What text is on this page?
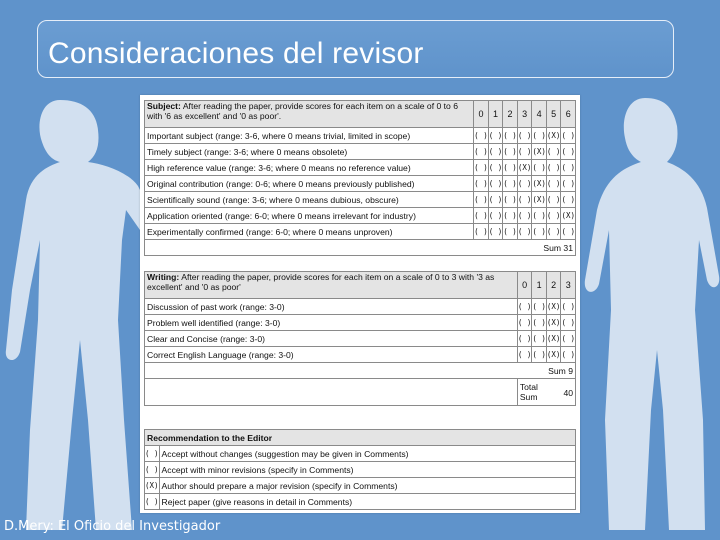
Consideraciones del revisor
Subject: After reading the paper, provide scores for each item on a scale of 0 to 6 with '6 as excellent' and '0 as poor'.	0	1	2	3	4	5	6
Important subject (range: 3-6, where 0 means trivial, limited in scope)	( )	( )	( )	( )	( )	(X)	( )
Timely subject (range: 3-6; where 0 means obsolete)	( )	( )	( )	( )	(X)	( )	( )
High reference value (range: 3-6; where 0 means no reference value)	( )	( )	( )	(X)	( )	( )	( )
Original contribution (range: 0-6; where 0 means previously published)	( )	( )	( )	( )	(X)	( )	( )
Scientifically sound (range: 3-6; where 0 means dubious, obscure)	( )	( )	( )	( )	(X)	( )	( )
Application oriented (range: 6-0; where 0 means irrelevant for industry)	( )	( )	( )	( )	( )	( )	(X)
Experimentally confirmed (range: 6-0; where 0 means unproven)	( )	( )	( )	( )	( )	( )	( )
	Sum 31						
Writing: After reading the paper, provide scores for each item on a scale of 0 to 3 with '3 as excellent' and '0 as poor'	0	1	2	3
Discussion of past work (range: 3-0)	( )	( )	(X)	( )
Problem well identified (range: 3-0)	( )	( )	(X)	( )
Clear and Concise (range: 3-0)	( )	( )	(X)	( )
Correct English Language (range: 3-0)	( )	( )	(X)	( )
	Sum 9			
	Total Sum 40			
Recommendation to the Editor	
( )	Accept without changes (suggestion may be given in Comments)
( )	Accept with minor revisions (specify in Comments)
(X)	Author should prepare a major revision (specify in Comments)
( )	Reject paper (give reasons in detail in Comments)
D.Mery: El Oficio del Investigador
